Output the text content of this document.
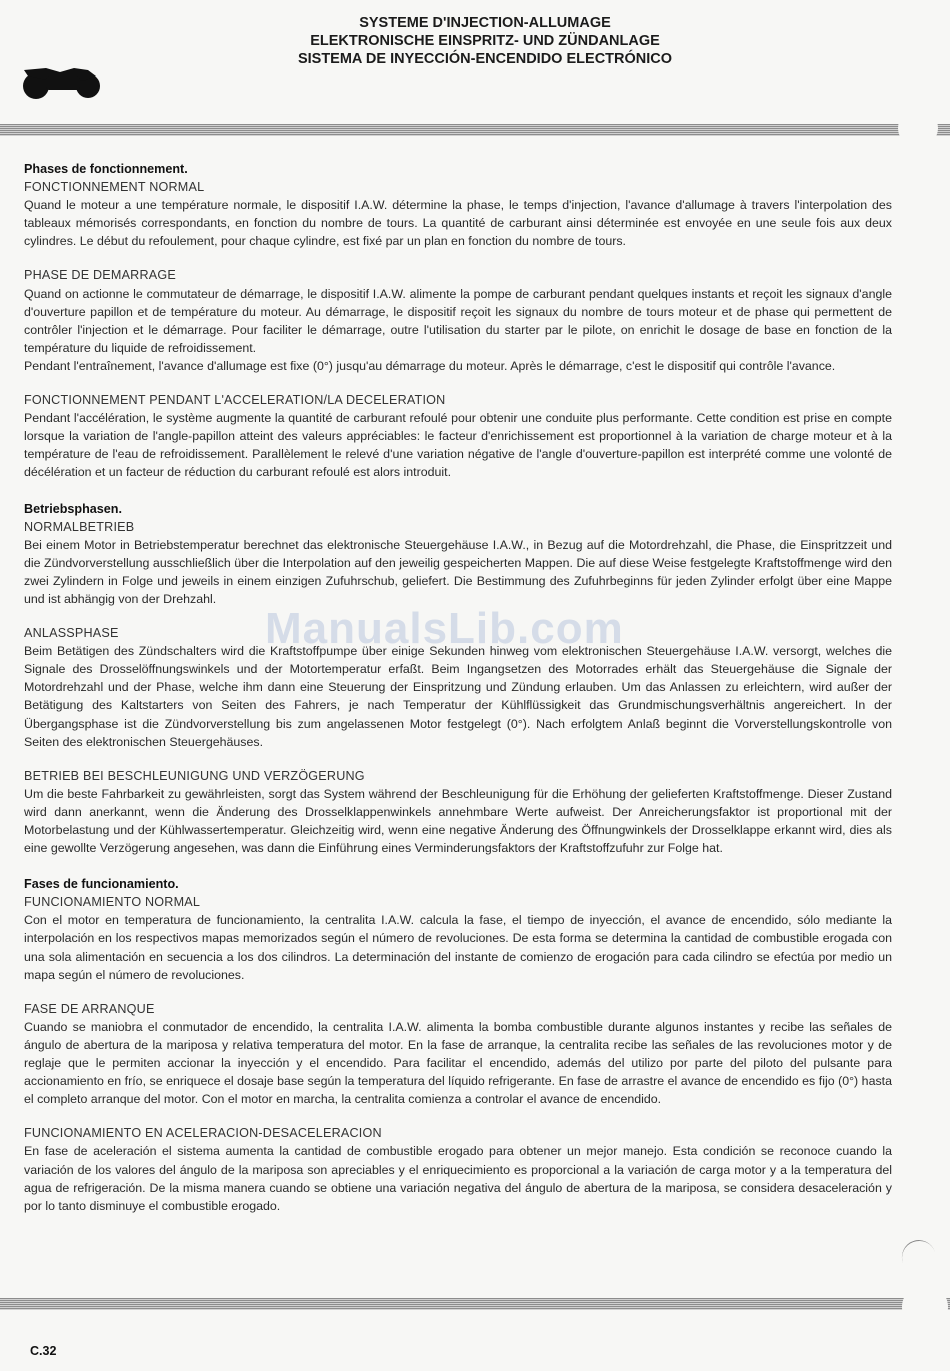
SYSTEME D'INJECTION-ALLUMAGE
ELEKTRONISCHE EINSPRITZ- UND ZÜNDANLAGE
SISTEMA DE INYECCIÓN-ENCENDIDO ELECTRÓNICO
ManualsLib.com

Phases de fonctionnement.

FONCTIONNEMENT NORMAL

Quand le moteur a une température normale, le dispositif I.A.W. détermine la phase, le temps d'injection, l'avance d'allumage à travers l'interpolation des tableaux mémorisés correspondants, en fonction du nombre de tours. La quantité de carburant ainsi déterminée est envoyée en une seule fois aux deux cylindres. Le début du refoulement, pour chaque cylindre, est fixé par un plan en fonction du nombre de tours.

PHASE DE DEMARRAGE

Quand on actionne le commutateur de démarrage, le dispositif I.A.W. alimente la pompe de carburant pendant quelques instants et reçoit les signaux d'angle d'ouverture papillon et de température du moteur. Au démarrage, le dispositif reçoit les signaux du nombre de tours moteur et de phase qui permettent de contrôler l'injection et le démarrage. Pour faciliter le démarrage, outre l'utilisation du starter par le pilote, on enrichit le dosage de base en fonction de la température du liquide de refroidissement.

Pendant l'entraînement, l'avance d'allumage est fixe (0°) jusqu'au démarrage du moteur. Après le démarrage, c'est le dispositif qui contrôle l'avance.

FONCTIONNEMENT PENDANT L'ACCELERATION/LA DECELERATION

Pendant l'accélération, le système augmente la quantité de carburant refoulé pour obtenir une conduite plus performante. Cette condition est prise en compte lorsque la variation de l'angle-papillon atteint des valeurs appréciables: le facteur d'enrichissement est proportionnel à la variation de charge moteur et à la température de l'eau de refroidissement. Parallèlement le relevé d'une variation négative de l'angle d'ouverture-papillon est interprété comme une volonté de décélération et un facteur de réduction du carburant refoulé est alors introduit.

Betriebsphasen.

NORMALBETRIEB

Bei einem Motor in Betriebstemperatur berechnet das elektronische Steuergehäuse I.A.W., in Bezug auf die Motordrehzahl, die Phase, die Einspritzzeit und die Zündvorverstellung ausschließlich über die Interpolation auf den jeweilig gespeicherten Mappen. Die auf diese Weise festgelegte Kraftstoffmenge wird den zwei Zylindern in Folge und jeweils in einem einzigen Zufuhrschub, geliefert. Die Bestimmung des Zufuhrbeginns für jeden Zylinder erfolgt über eine Mappe und ist abhängig von der Drehzahl.

ANLASSPHASE

Beim Betätigen des Zündschalters wird die Kraftstoffpumpe über einige Sekunden hinweg vom elektronischen Steuergehäuse I.A.W. versorgt, welches die Signale des Drosselöffnungswinkels und der Motortemperatur erfaßt. Beim Ingangsetzen des Motorrades erhält das Steuergehäuse die Signale der Motordrehzahl und der Phase, welche ihm dann eine Steuerung der Einspritzung und Zündung erlauben. Um das Anlassen zu erleichtern, wird außer der Betätigung des Kaltstarters von Seiten des Fahrers, je nach Temperatur der Kühlflüssigkeit das Grundmischungsverhältnis angereichert. In der Übergangsphase ist die Zündvorverstellung bis zum angelassenen Motor festgelegt (0°). Nach erfolgtem Anlaß beginnt die Vorverstellungskontrolle von Seiten des elektronischen Steuergehäuses.

BETRIEB BEI BESCHLEUNIGUNG UND VERZÖGERUNG

Um die beste Fahrbarkeit zu gewährleisten, sorgt das System während der Beschleunigung für die Erhöhung der gelieferten Kraftstoffmenge. Dieser Zustand wird dann anerkannt, wenn die Änderung des Drosselklappenwinkels annehmbare Werte aufweist. Der Anreicherungsfaktor ist proportional mit der Motorbelastung und der Kühlwassertemperatur. Gleichzeitig wird, wenn eine negative Änderung des Öffnungwinkels der Drosselklappe erkannt wird, dies als eine gewollte Verzögerung angesehen, was dann die Einführung eines Verminderungsfaktors der Kraftstoffzufuhr zur Folge hat.

Fases de funcionamiento.

FUNCIONAMIENTO NORMAL

Con el motor en temperatura de funcionamiento, la centralita I.A.W. calcula la fase, el tiempo de inyección, el avance de encendido, sólo mediante la interpolación en los respectivos mapas memorizados según el número de revoluciones. De esta forma se determina la cantidad de combustible erogada con una sola alimentación en secuencia a los dos cilindros. La determinación del instante de comienzo de erogación para cada cilindro se efectúa por medio un mapa según el número de revoluciones.

FASE DE ARRANQUE

Cuando se maniobra el conmutador de encendido, la centralita I.A.W. alimenta la bomba combustible durante algunos instantes y recibe las señales de ángulo de abertura de la mariposa y relativa temperatura del motor. En la fase de arranque, la centralita recibe las señales de las revoluciones motor y de reglaje que le permiten accionar la inyección y el encendido. Para facilitar el encendido, además del utilizo por parte del piloto del pulsante para accionamiento en frío, se enriquece el dosaje base según la temperatura del líquido refrigerante. En fase de arrastre el avance de encendido es fijo (0°) hasta el completo arranque del motor. Con el motor en marcha, la centralita comienza a controlar el avance de encendido.

FUNCIONAMIENTO EN ACELERACION-DESACELERACION

En fase de aceleración el sistema aumenta la cantidad de combustible erogado para obtener un mejor manejo. Esta condición se reconoce cuando la variación de los valores del ángulo de la mariposa son apreciables y el enriquecimiento es proporcional a la variación de carga motor y a la temperatura del agua de refrigeración. De la misma manera cuando se obtiene una variación negativa del ángulo de abertura de la mariposa, se considera desaceleración y por lo tanto disminuye el combustible erogado.

C.32
